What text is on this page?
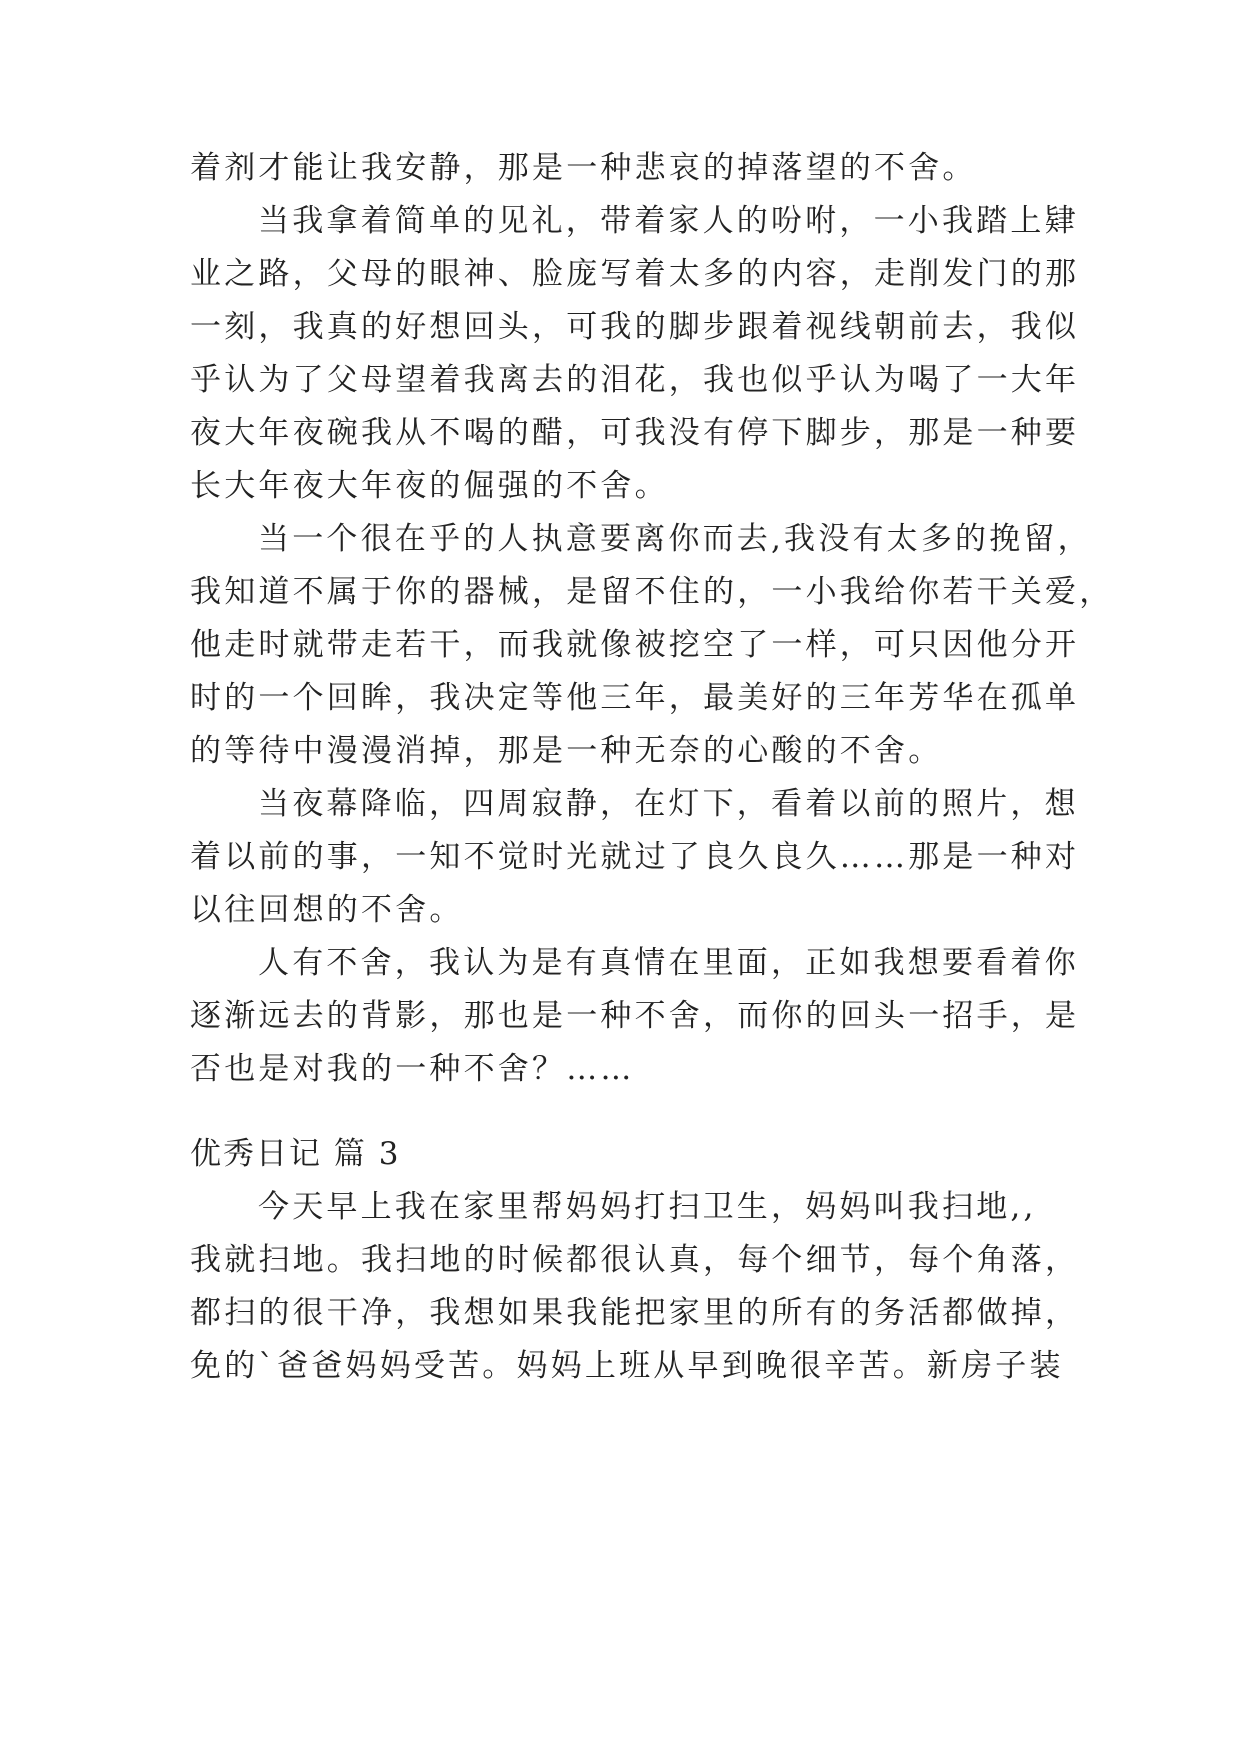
着剂才能让我安静，那是一种悲哀的掉落望的不舍。
当我拿着简单的见礼，带着家人的吩咐，一小我踏上肄
业之路，父母的眼神、脸庞写着太多的内容，走削发门的那
一刻，我真的好想回头，可我的脚步跟着视线朝前去，我似
乎认为了父母望着我离去的泪花，我也似乎认为喝了一大年
夜大年夜碗我从不喝的醋，可我没有停下脚步，那是一种要
长大年夜大年夜的倔强的不舍。
当一个很在乎的人执意要离你而去,我没有太多的挽留，
我知道不属于你的器械，是留不住的，一小我给你若干关爱，
他走时就带走若干，而我就像被挖空了一样，可只因他分开
时的一个回眸，我决定等他三年，最美好的三年芳华在孤单
的等待中漫漫消掉，那是一种无奈的心酸的不舍。
当夜幕降临，四周寂静，在灯下，看着以前的照片，想
着以前的事，一知不觉时光就过了良久良久……那是一种对
以往回想的不舍。
人有不舍，我认为是有真情在里面，正如我想要看着你
逐渐远去的背影，那也是一种不舍，而你的回头一招手，是
否也是对我的一种不舍？……
优秀日记 篇 3
今天早上我在家里帮妈妈打扫卫生，妈妈叫我扫地,,
我就扫地。我扫地的时候都很认真，每个细节，每个角落，
都扫的很干净，我想如果我能把家里的所有的务活都做掉，
免的`爸爸妈妈受苦。妈妈上班从早到晚很辛苦。新房子装
